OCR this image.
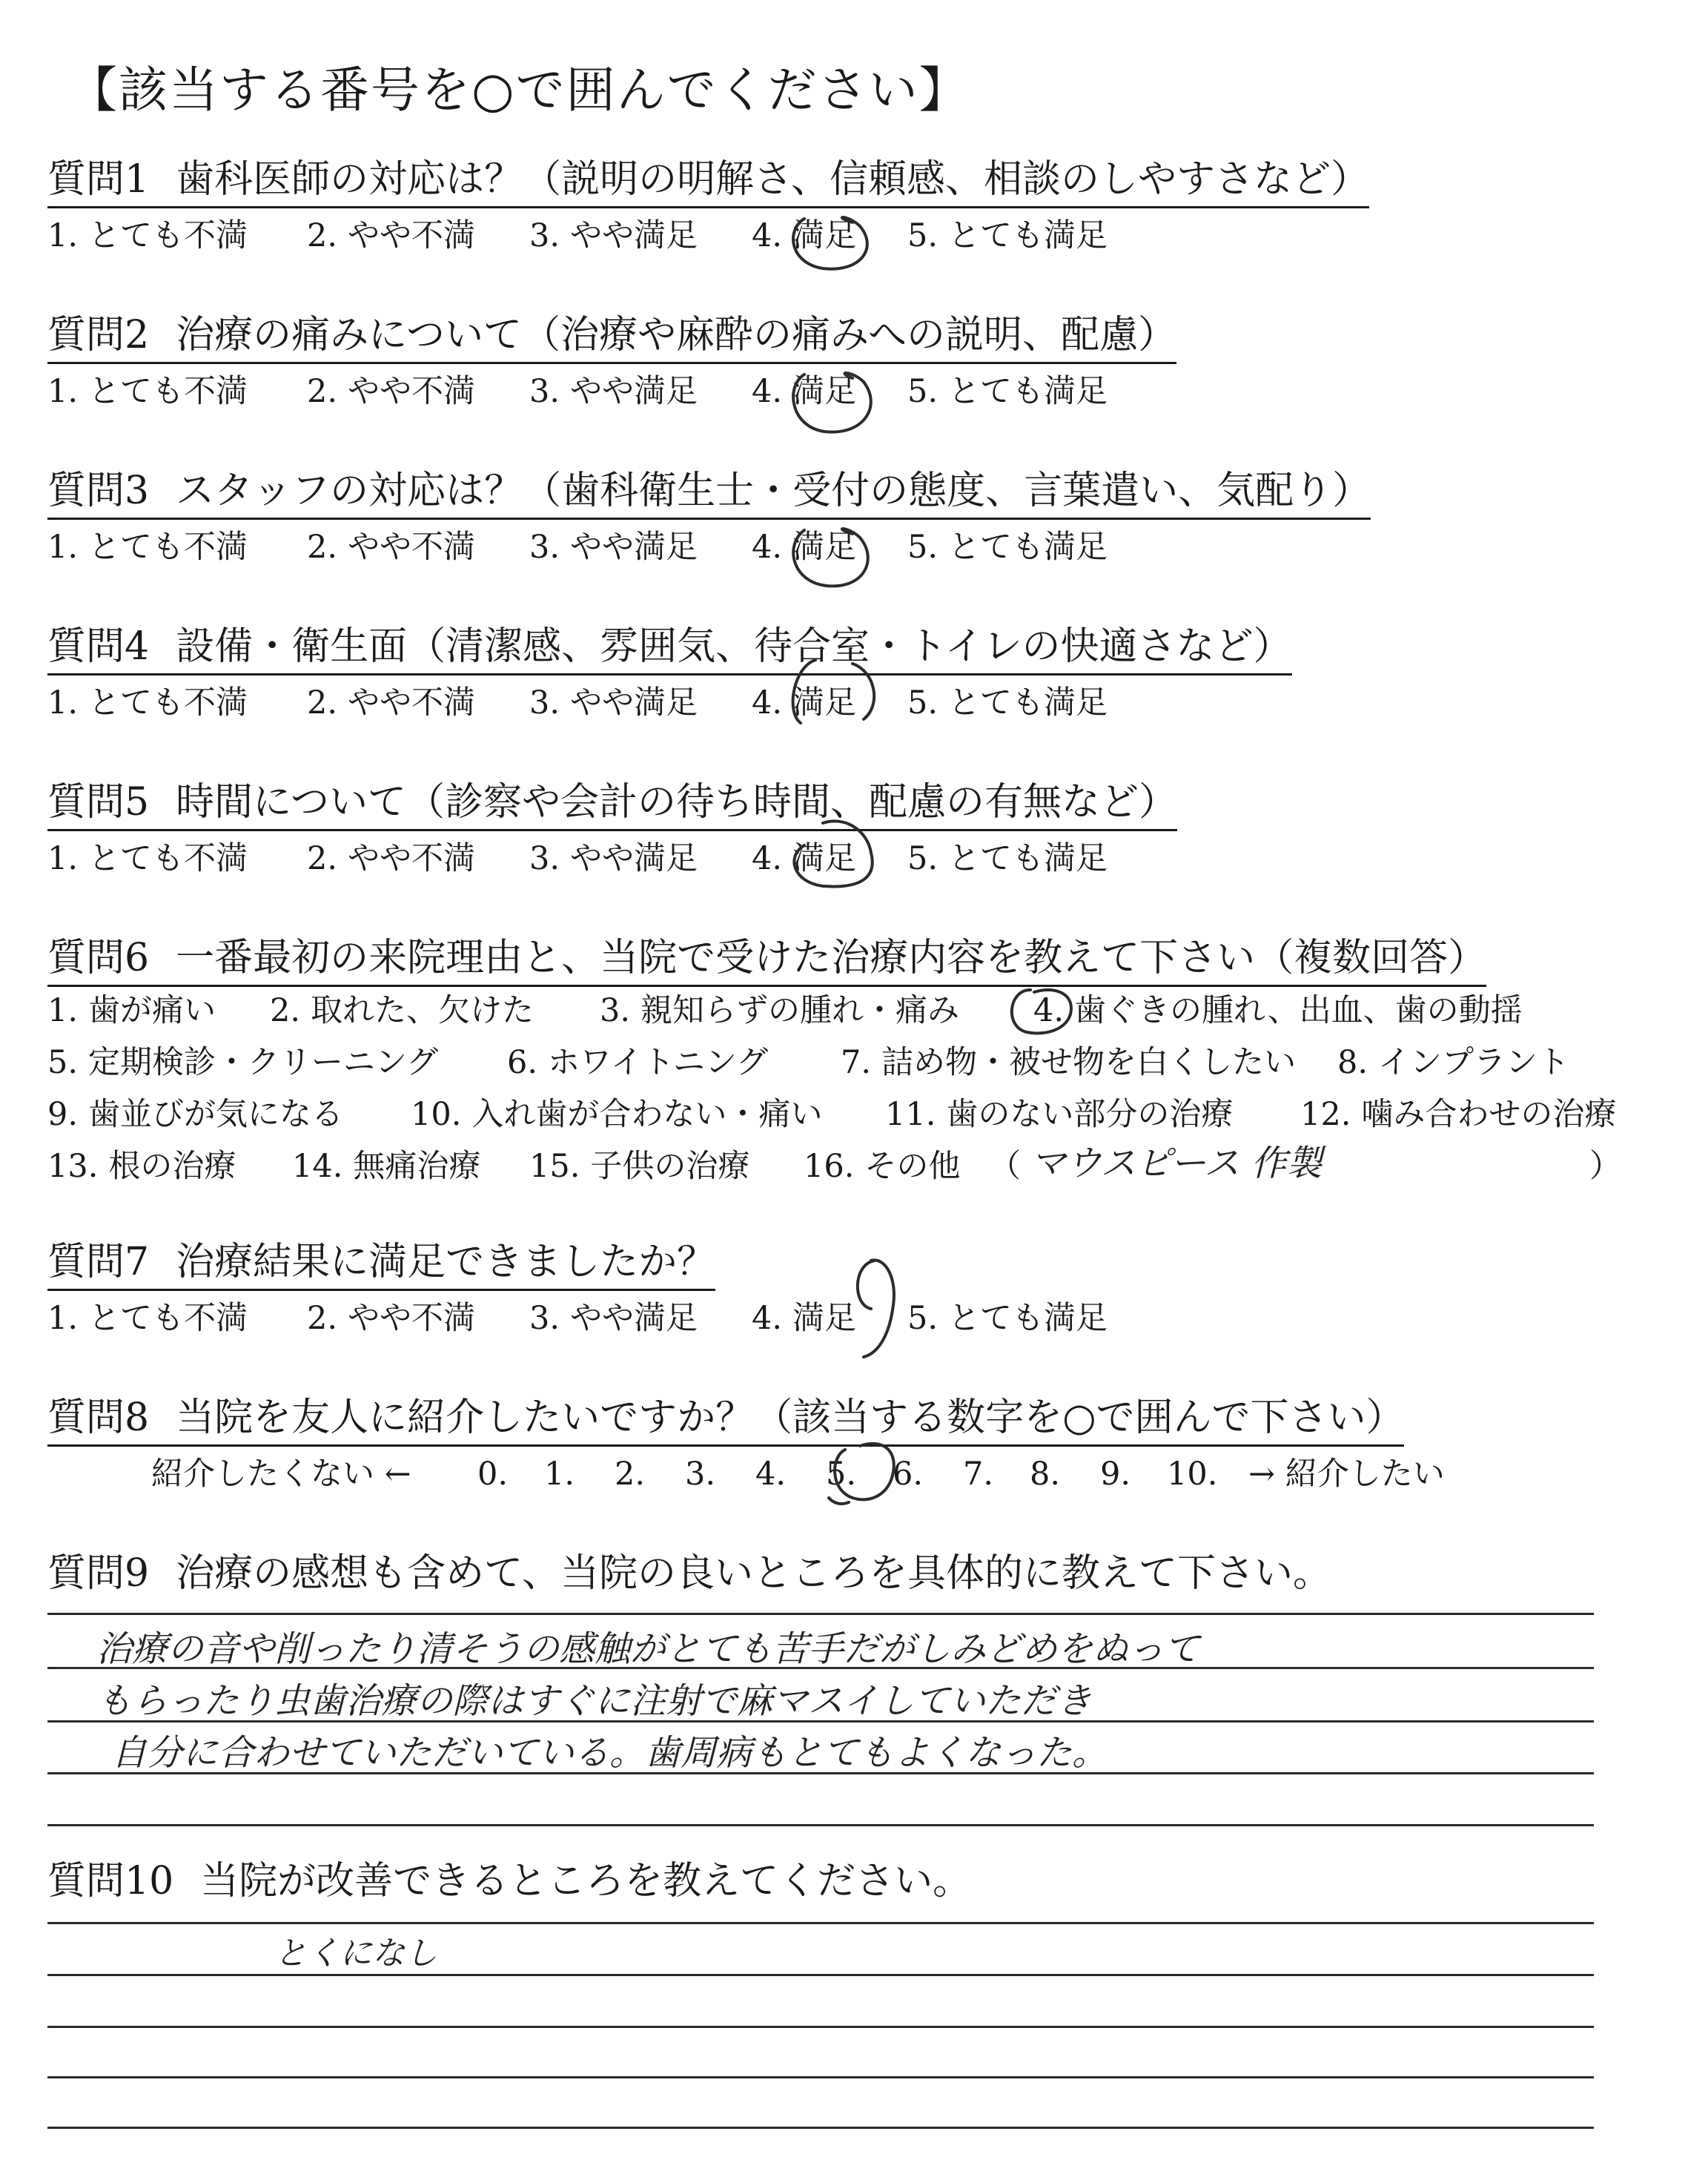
【該当する番号を○で囲んでください】
質問1 歯科医師の対応は？（説明の明解さ、信頼感、相談のしやすさなど）
1. とても不満 2. やや不満 3. やや満足 4. 満足 5. とても満足
質問2 治療の痛みについて（治療や麻酔の痛みへの説明、配慮）
1. とても不満 2. やや不満 3. やや満足 4. 満足 5. とても満足
質問3 スタッフの対応は？（歯科衛生士・受付の態度、言葉遣い、気配り）
1. とても不満 2. やや不満 3. やや満足 4. 満足 5. とても満足
質問4 設備・衛生面（清潔感、雰囲気、待合室・トイレの快適さなど）
1. とても不満 2. やや不満 3. やや満足 4. 満足 5. とても満足
質問5 時間について（診察や会計の待ち時間、配慮の有無など）
1. とても不満 2. やや不満 3. やや満足 4. 満足 5. とても満足
質問6 一番最初の来院理由と、当院で受けた治療内容を教えて下さい（複数回答）
1. 歯が痛い 2. 取れた、欠けた 3. 親知らずの腫れ・痛み 4. 歯ぐきの腫れ、出血、歯の動揺
5. 定期検診・クリーニング 6. ホワイトニング 7. 詰め物・被せ物を白くしたい 8. インプラント
9. 歯並びが気になる 10. 入れ歯が合わない・痛い 11. 歯のない部分の治療 12. 噛み合わせの治療
13. 根の治療 14. 無痛治療 15. 子供の治療 16. その他 （	）
マウスピース 作製
質問7 治療結果に満足できましたか？
1. とても不満 2. やや不満 3. やや満足 4. 満足 5. とても満足
質問8 当院を友人に紹介したいですか？（該当する数字を○で囲んで下さい）
紹介したくない ← 0. 1. 2. 3. 4. 5. 6. 7. 8. 9. 10. → 紹介したい
質問9 治療の感想も含めて、当院の良いところを具体的に教えて下さい。
治療の音や削ったり清そうの感触がとても苦手だがしみどめをぬって
もらったり虫歯治療の際はすぐに注射で麻マスイしていただき
自分に合わせていただいている。歯周病もとてもよくなった。
質問10 当院が改善できるところを教えてください。
とくになし
